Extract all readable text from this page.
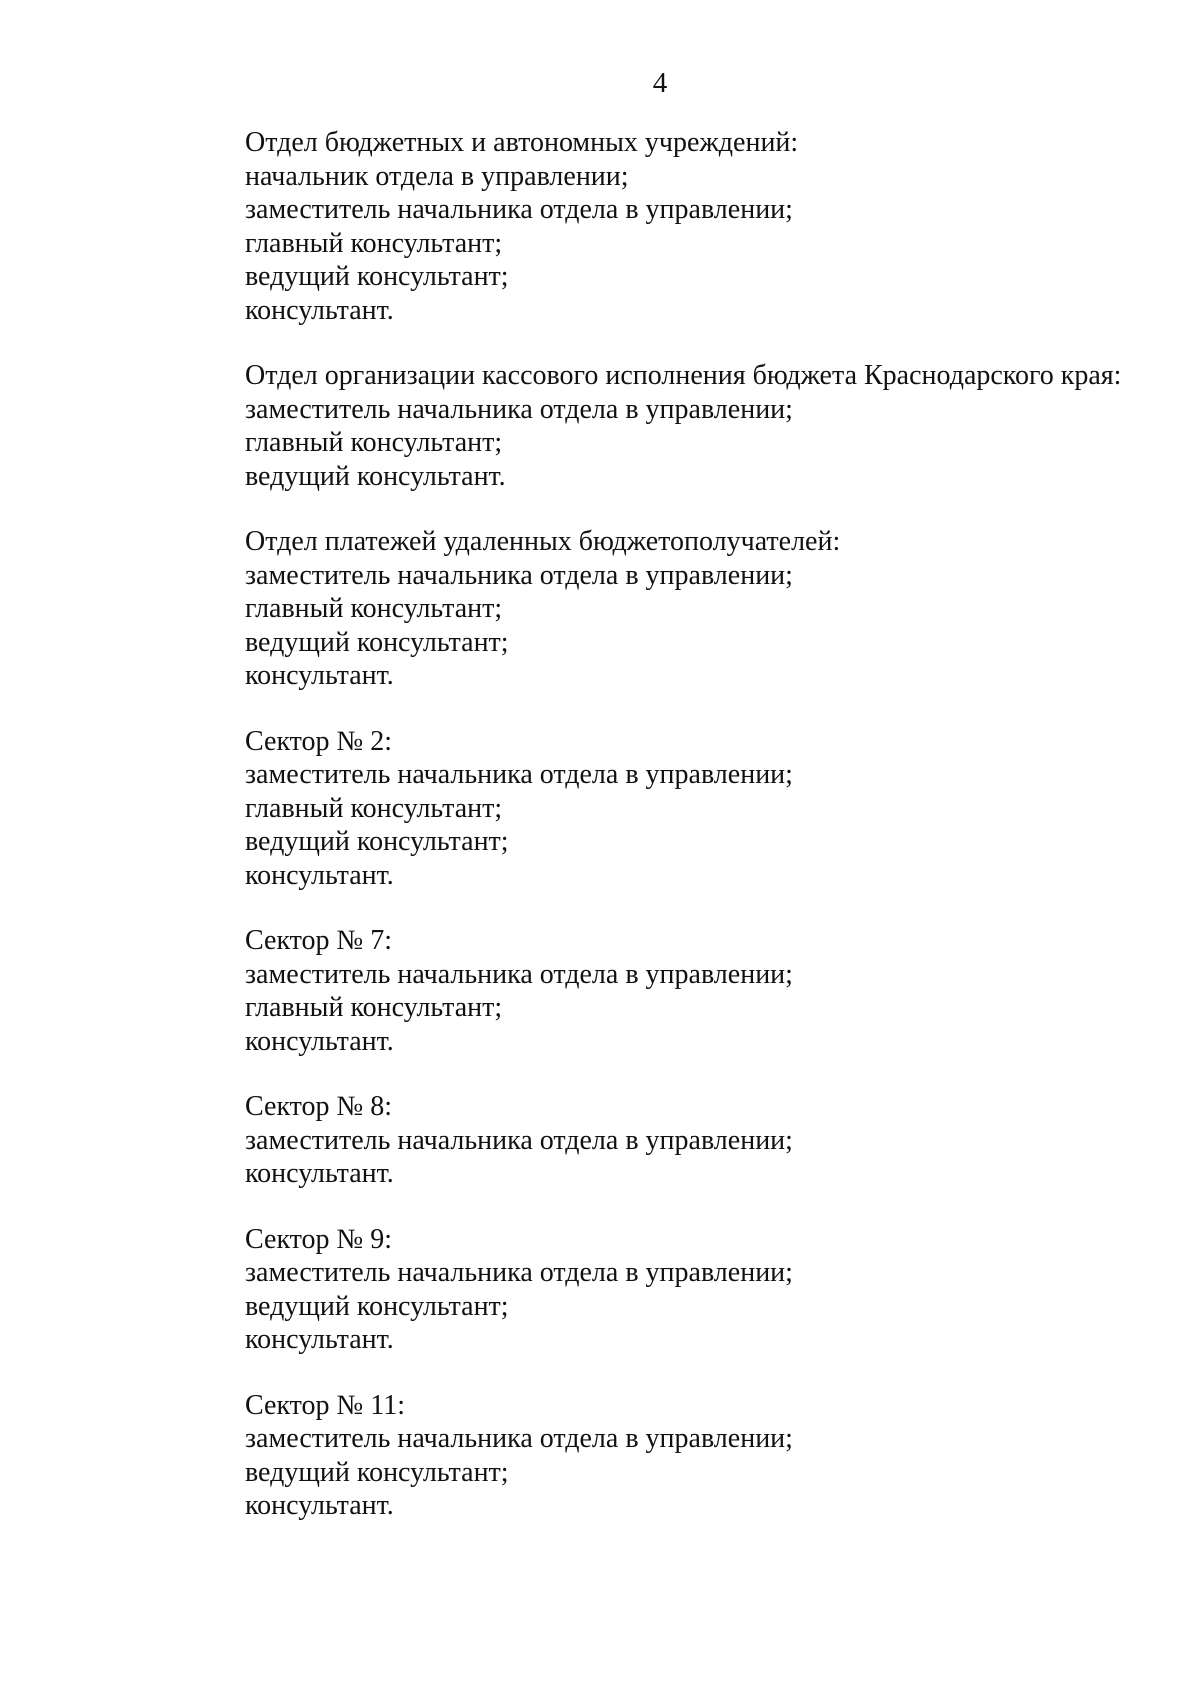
4
Отдел бюджетных и автономных учреждений:
начальник отдела в управлении;
заместитель начальника отдела в управлении;
главный консультант;
ведущий консультант;
консультант.
Отдел организации кассового исполнения бюджета Краснодарского края:
заместитель начальника отдела в управлении;
главный консультант;
ведущий консультант.
Отдел платежей удаленных бюджетополучателей:
заместитель начальника отдела в управлении;
главный консультант;
ведущий консультант;
консультант.
Сектор № 2:
заместитель начальника отдела в управлении;
главный консультант;
ведущий консультант;
консультант.
Сектор № 7:
заместитель начальника отдела в управлении;
главный консультант;
консультант.
Сектор № 8:
заместитель начальника отдела в управлении;
консультант.
Сектор № 9:
заместитель начальника отдела в управлении;
ведущий консультант;
консультант.
Сектор № 11:
заместитель начальника отдела в управлении;
ведущий консультант;
консультант.
